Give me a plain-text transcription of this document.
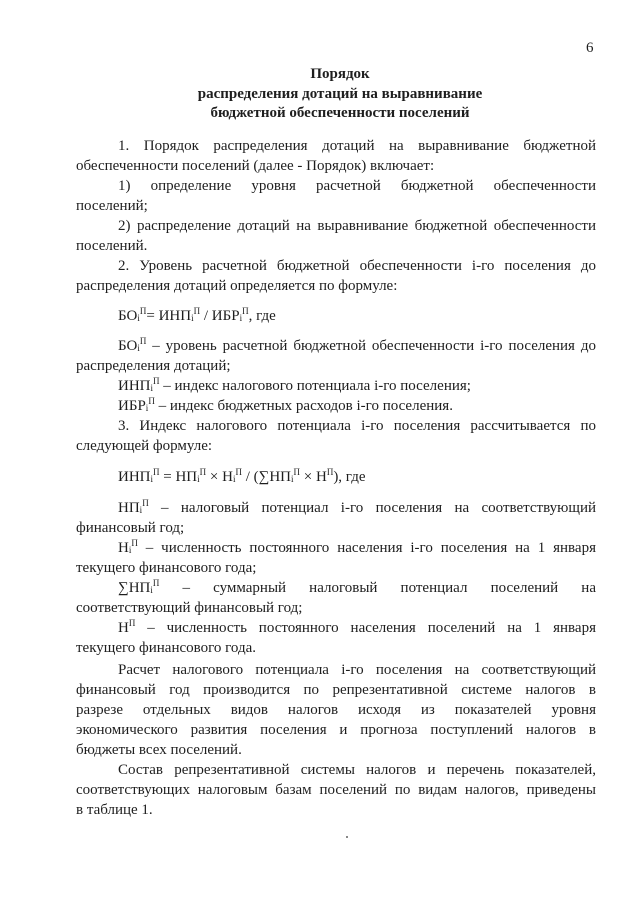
6
Порядок
распределения дотаций на выравнивание
бюджетной обеспеченности поселений
1. Порядок распределения дотаций на выравнивание бюджетной
обеспеченности поселений (далее - Порядок) включает:
1) определение уровня расчетной бюджетной обеспеченности
поселений;
2) распределение дотаций на выравнивание бюджетной обеспеченности
поселений.
2. Уровень расчетной бюджетной обеспеченности i-го поселения до
распределения дотаций определяется по формуле:
$БО_i^П= ИНП_i^П / ИБР_i^П$, где
$БО_i^П$ – уровень расчетной бюджетной обеспеченности i-го поселения до
распределения дотаций;
$ИНП_i^П$ – индекс налогового потенциала i-го поселения;
$ИБР_i^П$ – индекс бюджетных расходов i-го поселения.
3. Индекс налогового потенциала i-го поселения рассчитывается по
следующей формуле:
$ИНП_i^П = НП_i^П \times Н_i^П / (\sum НП_i^П \times Н^П)$, где
$НП_i^П$ – налоговый потенциал i-го поселения на соответствующий
финансовый год;
$Н_i^П$ – численность постоянного населения i-го поселения на 1 января
текущего финансового года;
$\sum НП_i^П$ – суммарный налоговый потенциал поселений на
соответствующий финансовый год;
$Н^П$ – численность постоянного населения поселений на 1 января
текущего финансового года.
Расчет налогового потенциала i-го поселения на соответствующий
финансовый год производится по репрезентативной системе налогов в
разрезе отдельных видов налогов исходя из показателей уровня
экономического развития поселения и прогноза поступлений налогов в
бюджеты всех поселений.
Состав репрезентативной системы налогов и перечень показателей,
соответствующих налоговым базам поселений по видам налогов, приведены
в таблице 1.
